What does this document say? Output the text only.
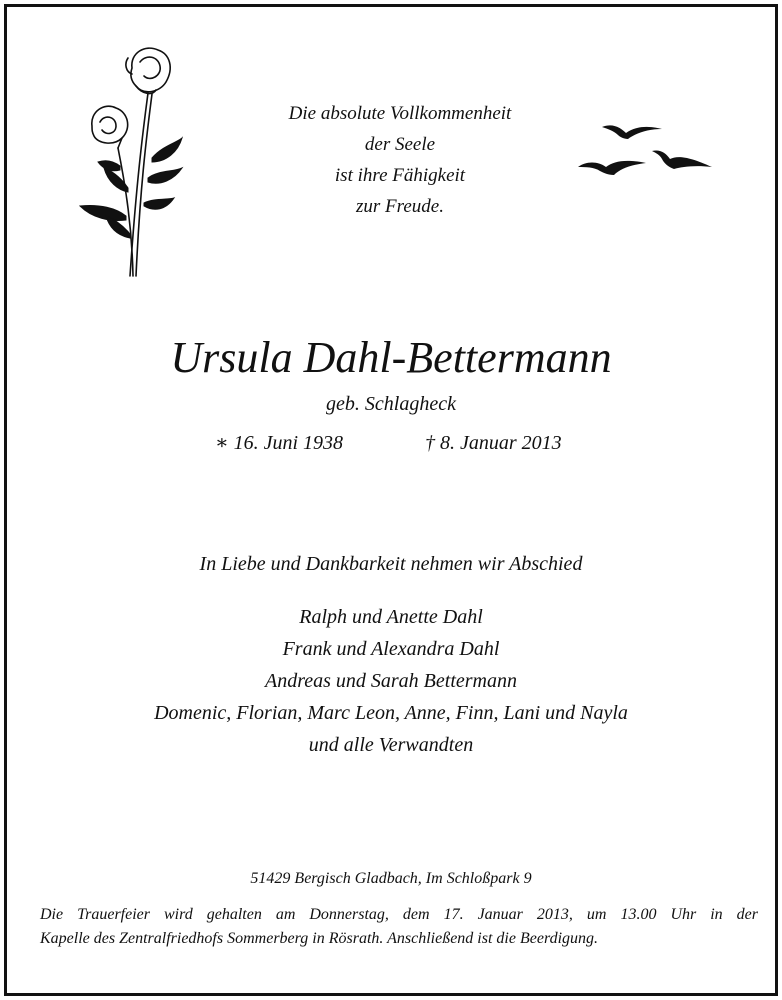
Die absolute Vollkommenheit
der Seele
ist ihre Fähigkeit
zur Freude.
Ursula Dahl-Bettermann
geb. Schlagheck
∗ 16. Juni 1938	† 8. Januar 2013
In Liebe und Dankbarkeit nehmen wir Abschied
Ralph und Anette Dahl
Frank und Alexandra Dahl
Andreas und Sarah Bettermann
Domenic, Florian, Marc Leon, Anne, Finn, Lani und Nayla
und alle Verwandten
51429 Bergisch Gladbach, Im Schloßpark 9
Die Trauerfeier wird gehalten am Donnerstag, dem 17. Januar 2013, um 13.00 Uhr in der
Kapelle des Zentralfriedhofs Sommerberg in Rösrath. Anschließend ist die Beerdigung.
